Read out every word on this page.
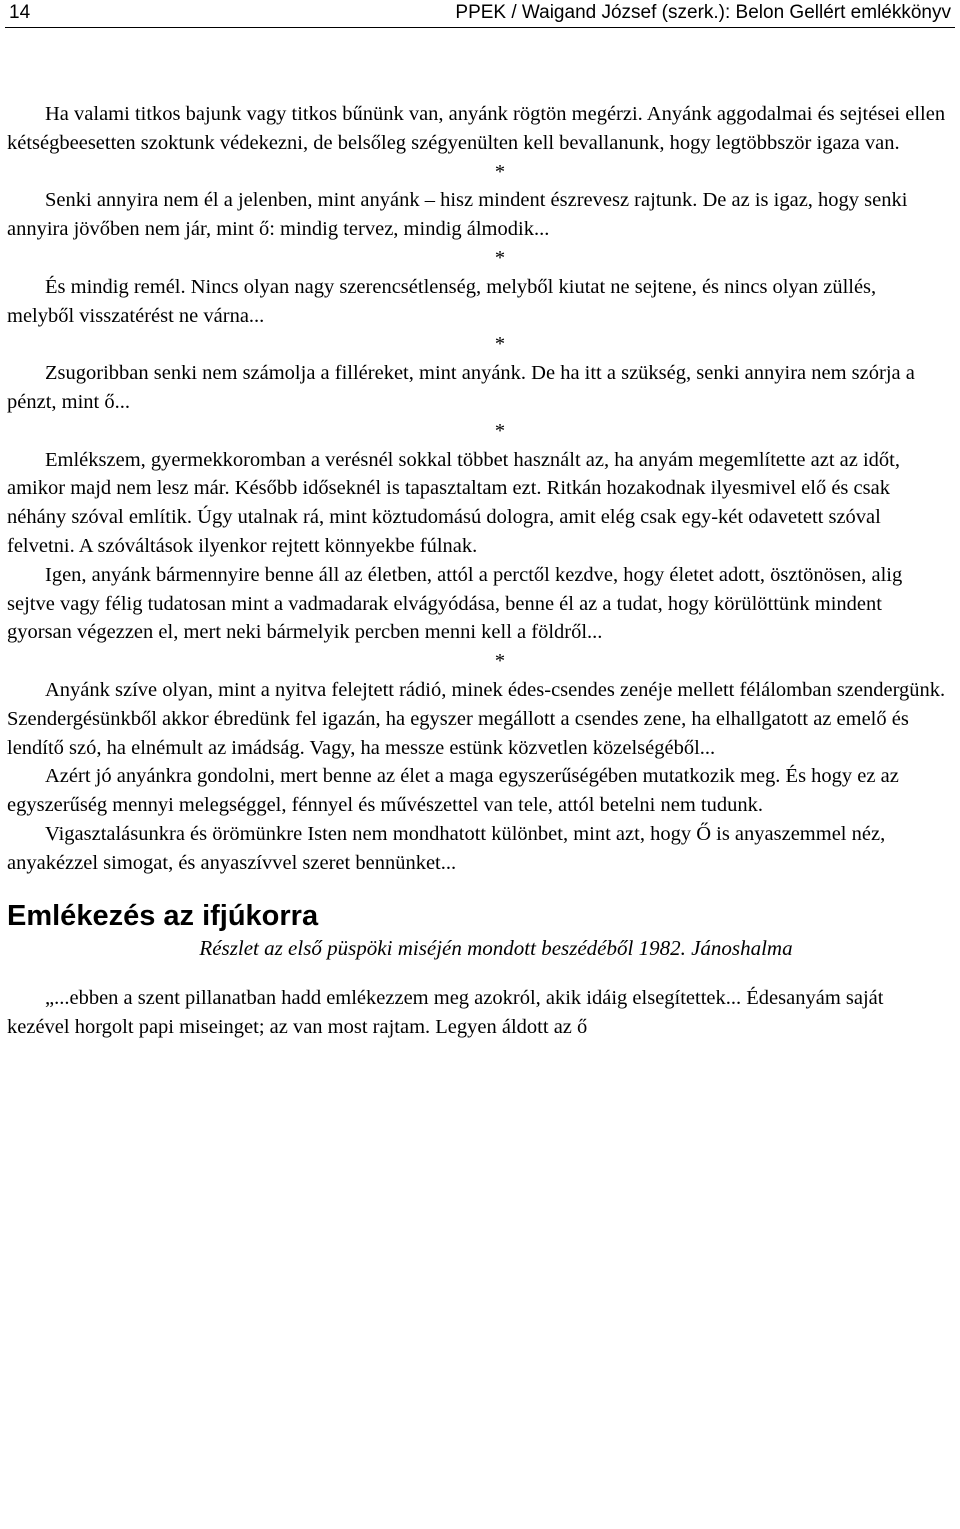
14	PPEK / Waigand József (szerk.): Belon Gellért emlékkönyv

Ha valami titkos bajunk vagy titkos bűnünk van, anyánk rögtön megérzi. Anyánk aggodalmai és sejtései ellen kétségbeesetten szoktunk védekezni, de belsőleg szégyenülten kell bevallanunk, hogy legtöbbször igaza van.

*

Senki annyira nem él a jelenben, mint anyánk – hisz mindent észrevesz rajtunk. De az is igaz, hogy senki annyira jövőben nem jár, mint ő: mindig tervez, mindig álmodik...

*

És mindig remél. Nincs olyan nagy szerencsétlenség, melyből kiutat ne sejtene, és nincs olyan züllés, melyből visszatérést ne várna...

*

Zsugoribban senki nem számolja a filléreket, mint anyánk. De ha itt a szükség, senki annyira nem szórja a pénzt, mint ő...

*

Emlékszem, gyermekkoromban a verésnél sokkal többet használt az, ha anyám megemlítette azt az időt, amikor majd nem lesz már. Később időseknél is tapasztaltam ezt. Ritkán hozakodnak ilyesmivel elő és csak néhány szóval említik. Úgy utalnak rá, mint köztudomású dologra, amit elég csak egy-két odavetett szóval felvetni. A szóváltások ilyenkor rejtett könnyekbe fúlnak.

Igen, anyánk bármennyire benne áll az életben, attól a perctől kezdve, hogy életet adott, ösztönösen, alig sejtve vagy félig tudatosan mint a vadmadarak elvágyódása, benne él az a tudat, hogy körülöttünk mindent gyorsan végezzen el, mert neki bármelyik percben menni kell a földről...

*

Anyánk szíve olyan, mint a nyitva felejtett rádió, minek édes-csendes zenéje mellett félálomban szendergünk. Szendergésünkből akkor ébredünk fel igazán, ha egyszer megállott a csendes zene, ha elhallgatott az emelő és lendítő szó, ha elnémult az imádság. Vagy, ha messze estünk közvetlen közelségéből...

Azért jó anyánkra gondolni, mert benne az élet a maga egyszerűségében mutatkozik meg. És hogy ez az egyszerűség mennyi melegséggel, fénnyel és művészettel van tele, attól betelni nem tudunk.

Vigasztalásunkra és örömünkre Isten nem mondhatott különbet, mint azt, hogy Ő is anyaszemmel néz, anyakézzel simogat, és anyaszívvel szeret bennünket...

Emlékezés az ifjúkorra

Részlet az első püspöki miséjén mondott beszédéből 1982. Jánoshalma

„...ebben a szent pillanatban hadd emlékezzem meg azokról, akik idáig elsegítettek... Édesanyám saját kezével horgolt papi miseinget; az van most rajtam. Legyen áldott az ő
